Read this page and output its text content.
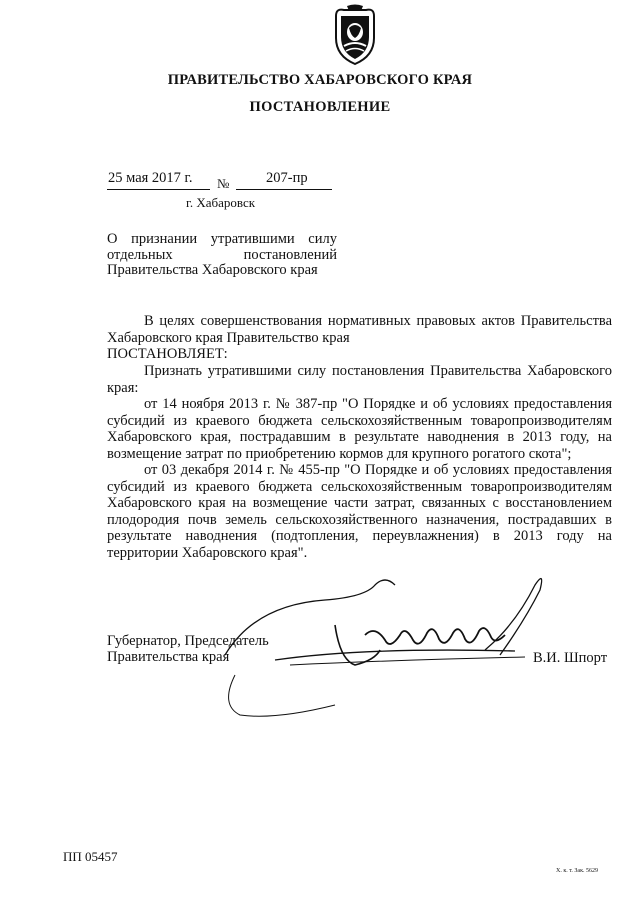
ПРАВИТЕЛЬСТВО ХАБАРОВСКОГО КРАЯ
ПОСТАНОВЛЕНИЕ
25 мая 2017 г. №	207-пр
г. Хабаровск
О признании утратившими силу отдельных постановлений Правительства Хабаровского края

В целях совершенствования нормативных правовых актов Правительства Хабаровского края Правительство края

ПОСТАНОВЛЯЕТ:

Признать утратившими силу постановления Правительства Хабаровского края:

от 14 ноября 2013 г. № 387-пр "О Порядке и об условиях предоставления субсидий из краевого бюджета сельскохозяйственным товаропроизводителям Хабаровского края, пострадавшим в результате наводнения в 2013 году, на возмещение затрат по приобретению кормов для крупного рогатого скота";

от 03 декабря 2014 г. № 455-пр "О Порядке и об условиях предоставления субсидий из краевого бюджета сельскохозяйственным товаропроизводителям Хабаровского края на возмещение части затрат, связанных с восстановлением плодородия почв земель сельскохозяйственного назначения, пострадавших в результате наводнения (подтопления, переувлажнения) в 2013 году на территории Хабаровского края".

Губернатор, Председатель
Правительства края	В.И. Шпорт
ПП 05457
Х. к. т. Зак. 5629
